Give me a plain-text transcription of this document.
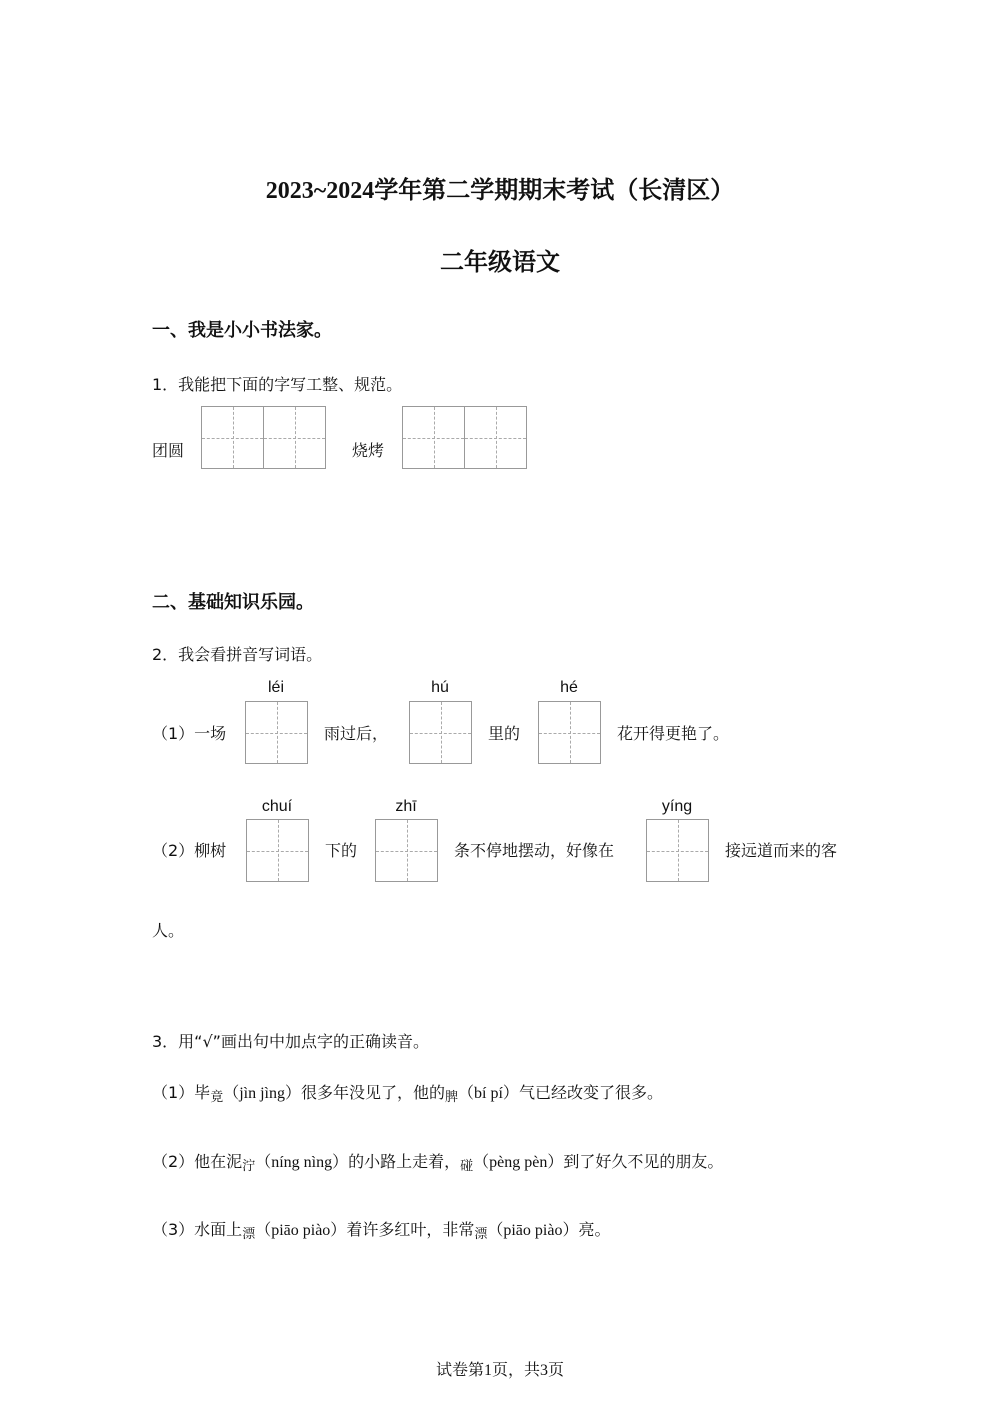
2023~2024学年第二学期期末考试（长清区）
二年级语文
一、我是小小书法家。
1．我能把下面的字写工整、规范。
团圆	烧烤
二、基础知识乐园。
2．我会看拼音写词语。
（1）一场
léi
雨过后，
hú
里的
hé
花开得更艳了。
（2）柳树
chuí
下的
zhī
条不停地摆动，好像在
yíng
接远道而来的客
人。
3．用“√”画出句中加点字的正确读音。
（1）毕竟（jìn jìng）很多年没见了，他的脾（bí pí）气已经改变了很多。
（2）他在泥泞（níng nìng）的小路上走着，碰（pèng pèn）到了好久不见的朋友。
（3）水面上漂（piāo piào）着许多红叶，非常漂（piāo piào）亮。
试卷第1页，共3页
